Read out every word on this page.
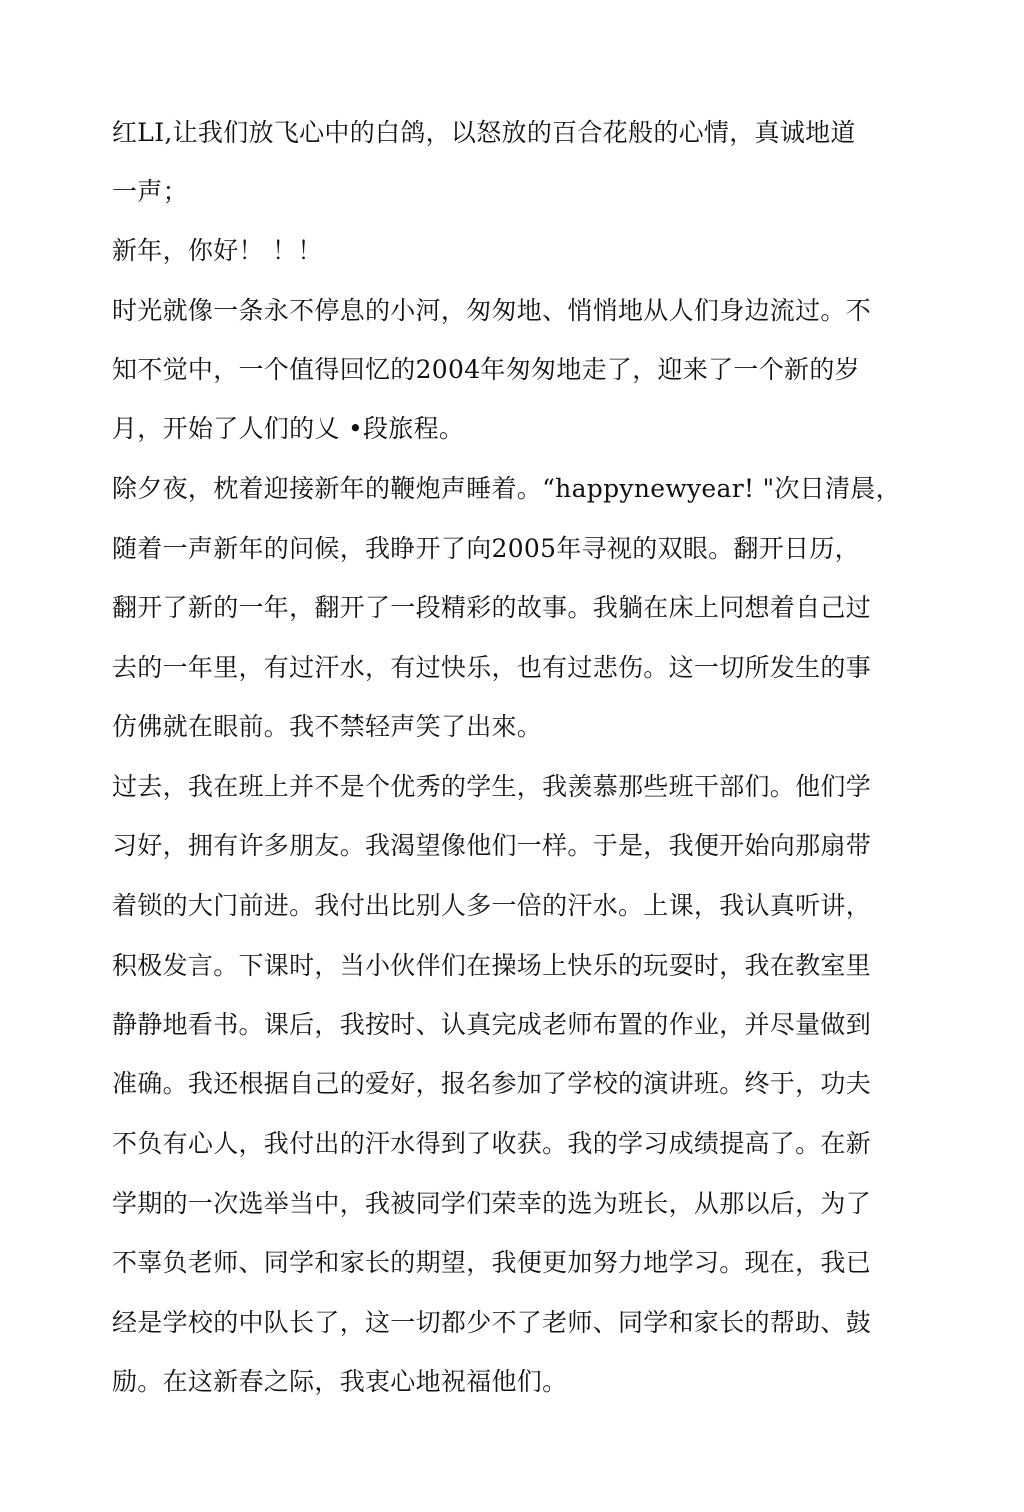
红LI,让我们放飞心中的白鸽，以怒放的百合花般的心情，真诚地道
一声；
新年，你好！ ！！
时光就像一条永不停息的小河，匆匆地、悄悄地从人们身边流过。不
知不觉中，一个值得回忆的2004年匆匆地走了，迎来了一个新的岁
月，开始了人们的乂 •段旅程。
除夕夜，枕着迎接新年的鞭炮声睡着。“happynewyear! "次日清晨，
随着一声新年的问候，我睁开了向2005年寻视的双眼。翻开日历，
翻开了新的一年，翻开了一段精彩的故事。我躺在床上冋想着自己过
去的一年里，有过汗水，有过快乐，也有过悲伤。这一切所发生的事
仿佛就在眼前。我不禁轻声笑了出來。
过去，我在班上并不是个优秀的学生，我羡慕那些班干部们。他们学
习好，拥有许多朋友。我渴望像他们一样。于是，我便开始向那扇带
着锁的大门前进。我付出比别人多一倍的汗水。上课，我认真听讲，
积极发言。下课时，当小伙伴们在操场上快乐的玩耍时，我在教室里
静静地看书。课后，我按时、认真完成老师布置的作业，并尽量做到
准确。我还根据自己的爱好，报名参加了学校的演讲班。终于，功夫
不负有心人，我付出的汗水得到了收获。我的学习成绩提高了。在新
学期的一次选举当中，我被同学们荣幸的选为班长，从那以后，为了
不辜负老师、同学和家长的期望，我便更加努力地学习。现在，我已
经是学校的中队长了，这一切都少不了老师、同学和家长的帮助、鼓
励。在这新春之际，我衷心地祝福他们。
